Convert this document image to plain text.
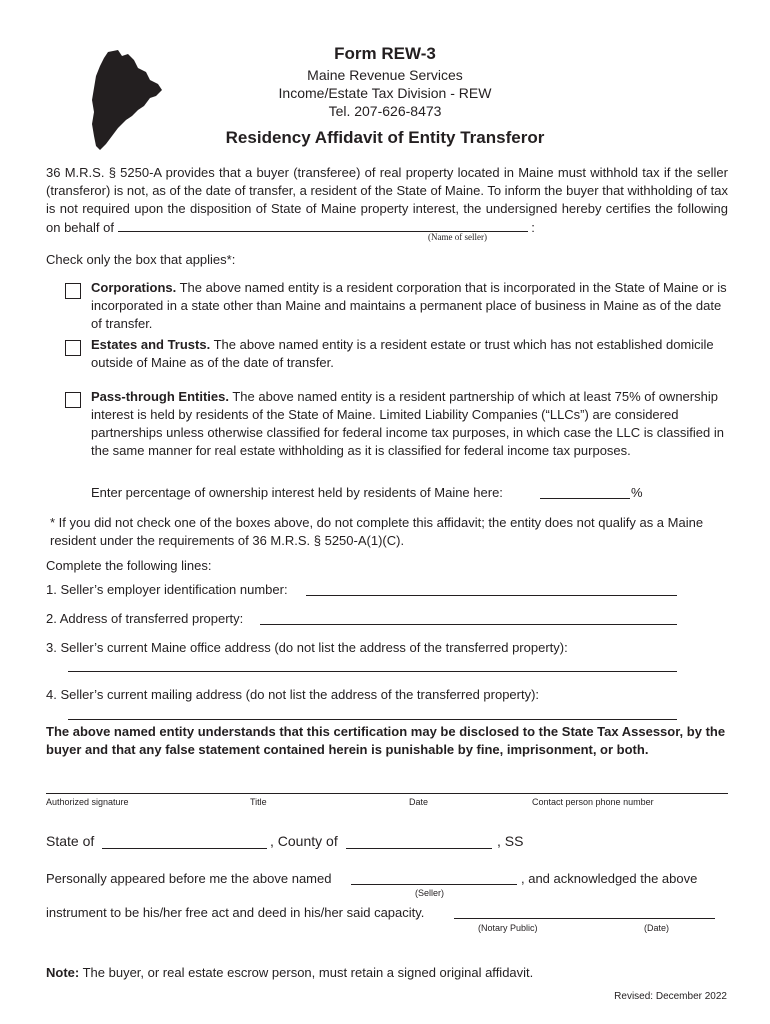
Form REW-3
Maine Revenue Services
Income/Estate Tax Division - REW
Tel. 207-626-8473
Residency Affidavit of Entity Transferor
36 M.R.S. § 5250-A provides that a buyer (transferee) of real property located in Maine must withhold tax if the seller (transferor) is not, as of the date of transfer, a resident of the State of Maine. To inform the buyer that withholding of tax is not required upon the disposition of State of Maine property interest, the undersigned hereby certifies the following on behalf of	:
(Name of seller)
Check only the box that applies*:
Corporations. The above named entity is a resident corporation that is incorporated in the State of Maine or is incorporated in a state other than Maine and maintains a permanent place of business in Maine as of the date of transfer.
Estates and Trusts. The above named entity is a resident estate or trust which has not established domicile outside of Maine as of the date of transfer.
Pass-through Entities. The above named entity is a resident partnership of which at least 75% of ownership interest is held by residents of the State of Maine. Limited Liability Companies (“LLCs”) are considered partnerships unless otherwise classified for federal income tax purposes, in which case the LLC is classified in the same manner for real estate withholding as it is classified for federal income tax purposes.
Enter percentage of ownership interest held by residents of Maine here:	%
* If you did not check one of the boxes above, do not complete this affidavit; the entity does not qualify as a Maine resident under the requirements of 36 M.R.S. § 5250-A(1)(C).
Complete the following lines:
1. Seller’s employer identification number:
2. Address of transferred property:
3. Seller’s current Maine office address (do not list the address of the transferred property):
4. Seller’s current mailing address (do not list the address of the transferred property):
The above named entity understands that this certification may be disclosed to the State Tax Assessor, by the buyer and that any false statement contained herein is punishable by fine, imprisonment, or both.
Authorized signature	Title	Date	Contact person phone number
State of	, County of	, SS
Personally appeared before me the above named	, and acknowledged the above
(Seller)
instrument to be his/her free act and deed in his/her said capacity.
(Notary Public)	(Date)
Note: The buyer, or real estate escrow person, must retain a signed original affidavit.
Revised: December 2022
